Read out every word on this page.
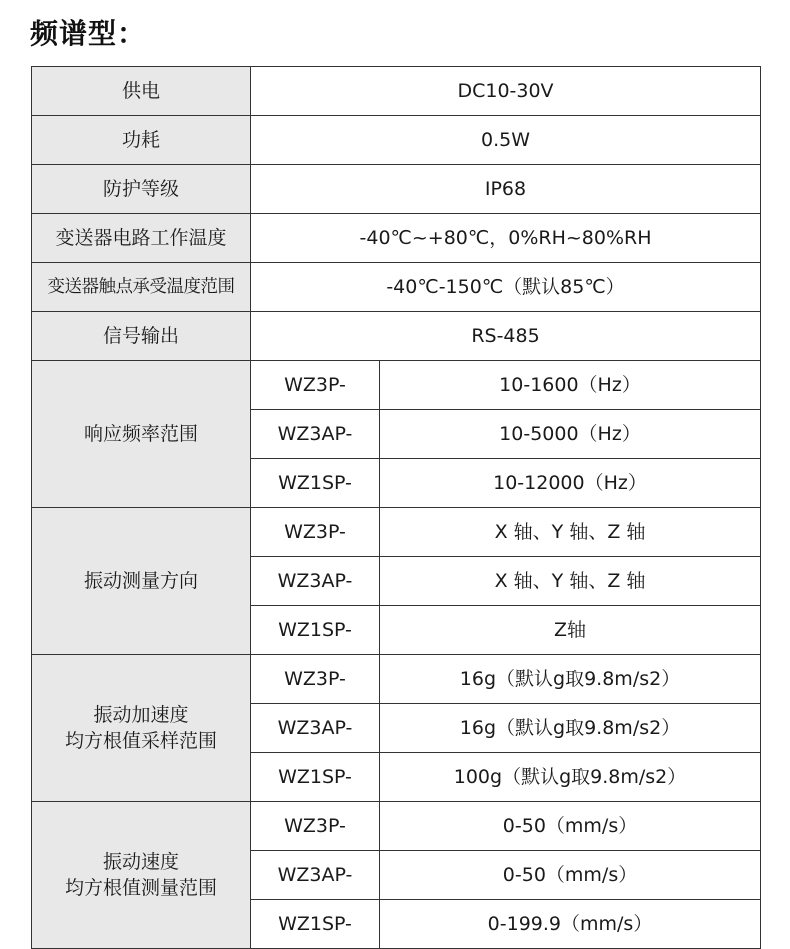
频谱型：
供电	DC10-30V	
功耗	0.5W	
防护等级	IP68	
变送器电路工作温度	-40℃~+80℃，0%RH~80%RH	
变送器触点承受温度范围	-40℃-150℃（默认85℃）	
信号输出	RS-485	
响应频率范围	WZ3P-	10-1600（Hz）
	WZ3AP-	10-5000（Hz）
	WZ1SP-	10-12000（Hz）
振动测量方向	WZ3P-	X 轴、Y 轴、Z 轴
	WZ3AP-	X 轴、Y 轴、Z 轴
	WZ1SP-	Z轴

振动加速度
均方根值采样范围	WZ3P-	16g（默认g取9.8m/s2）
	WZ3AP-	16g（默认g取9.8m/s2）
	WZ1SP-	100g（默认g取9.8m/s2）

振动速度
均方根值测量范围	WZ3P-	0-50（mm/s）
	WZ3AP-	0-50（mm/s）
	WZ1SP-	0-199.9（mm/s）
